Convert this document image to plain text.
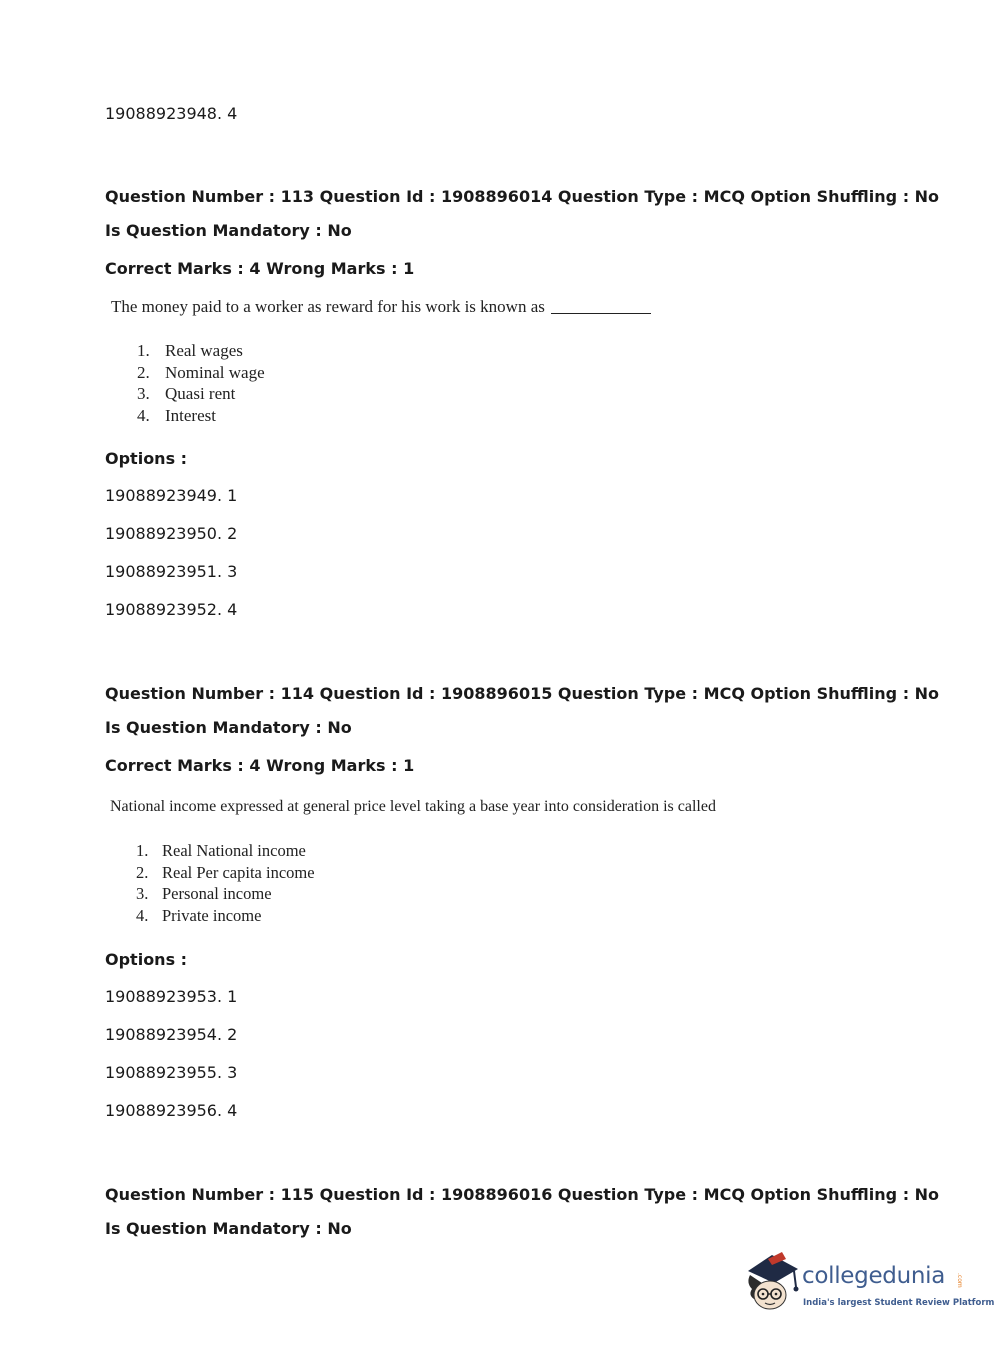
19088923948. 4
Question Number : 113 Question Id : 1908896014 Question Type : MCQ Option Shuffling : No
Is Question Mandatory : No
Correct Marks : 4 Wrong Marks : 1
The money paid to a worker as reward for his work is known as
1. Real wages
2. Nominal wage
3. Quasi rent
4. Interest
Options :
19088923949. 1
19088923950. 2
19088923951. 3
19088923952. 4
Question Number : 114 Question Id : 1908896015 Question Type : MCQ Option Shuffling : No
Is Question Mandatory : No
Correct Marks : 4 Wrong Marks : 1
National income expressed at general price level taking a base year into consideration is called
1. Real National income
2. Real Per capita income
3. Personal income
4. Private income
Options :
19088923953. 1
19088923954. 2
19088923955. 3
19088923956. 4
Question Number : 115 Question Id : 1908896016 Question Type : MCQ Option Shuffling : No
Is Question Mandatory : No
collegedunia .com
India's largest Student Review Platform
